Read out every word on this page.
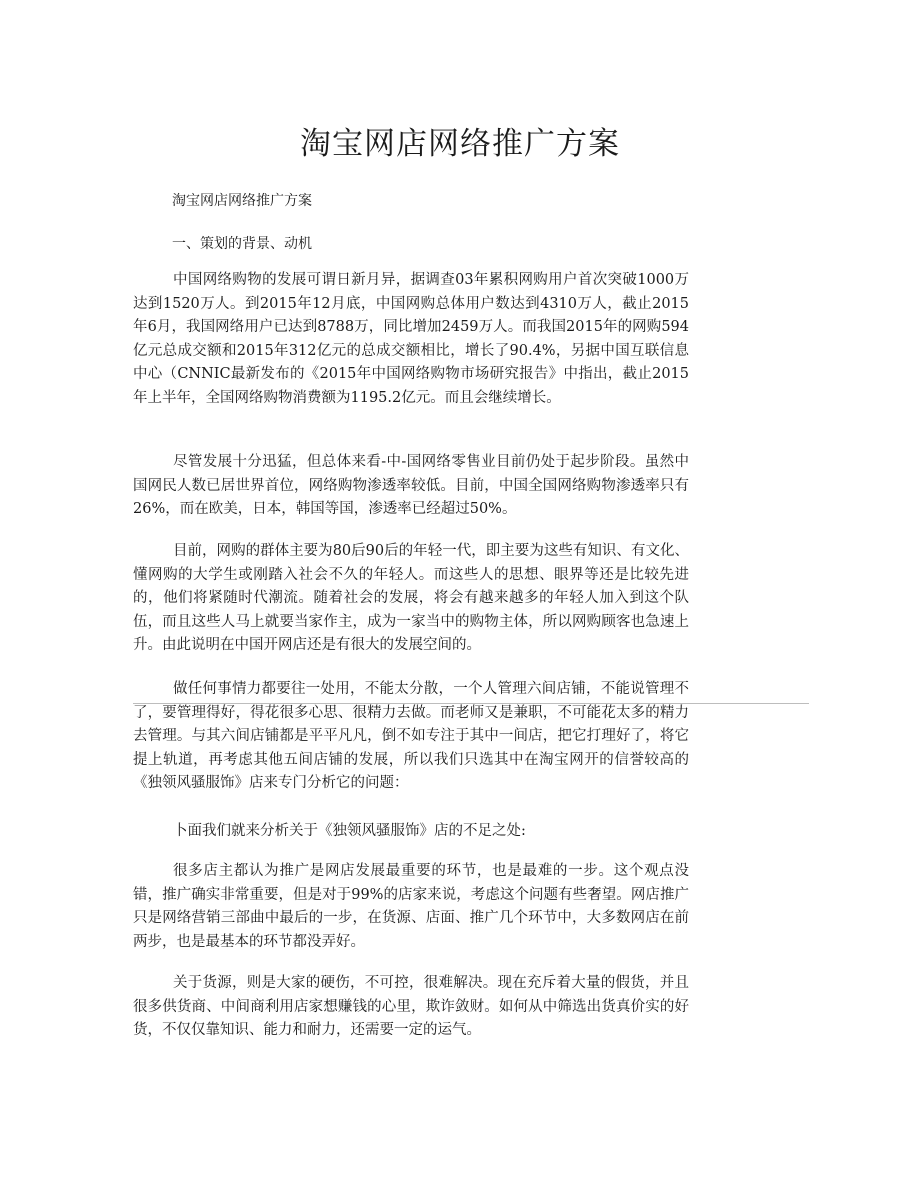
淘宝网店网络推广方案

淘宝网店网络推广方案

一、策划的背景、动机

中国网络购物的发展可谓日新月异，据调查03年累积网购用户首次突破1000万达到1520万人。到2015年12月底，中国网购总体用户数达到4310万人，截止2015年6月，我国网络用户已达到8788万，同比增加2459万人。而我国2015年的网购594亿元总成交额和2015年312亿元的总成交额相比，增长了90.4%，另据中国互联信息中心（CNNIC最新发布的《2015年中国网络购物市场研究报告》中指出，截止2015年上半年，全国网络购物消费额为1195.2亿元。而且会继续增长。

尽管发展十分迅猛，但总体来看-中-国网络零售业目前仍处于起步阶段。虽然中国网民人数已居世界首位，网络购物渗透率较低。目前，中国全国网络购物渗透率只有26%，而在欧美，日本，韩国等国，渗透率已经超过50%。

目前，网购的群体主要为80后90后的年轻一代，即主要为这些有知识、有文化、懂网购的大学生或刚踏入社会不久的年轻人。而这些人的思想、眼界等还是比较先进的，他们将紧随时代潮流。随着社会的发展，将会有越来越多的年轻人加入到这个队伍，而且这些人马上就要当家作主，成为一家当中的购物主体，所以网购顾客也急速上升。由此说明在中国开网店还是有很大的发展空间的。

做任何事情力都要往一处用，不能太分散，一个人管理六间店铺，不能说管理不了，要管理得好，得花很多心思、很精力去做。而老师又是兼职，不可能花太多的精力去管理。与其六间店铺都是平平凡凡，倒不如专注于其中一间店，把它打理好了，将它提上轨道，再考虑其他五间店铺的发展，所以我们只选其中在淘宝网开的信誉较高的《独领风骚服饰》店来专门分析它的问题：

卜面我们就来分析关于《独领风骚服饰》店的不足之处:

很多店主都认为推广是网店发展最重要的环节，也是最难的一步。这个观点没错，推广确实非常重要，但是对于99%的店家来说，考虑这个问题有些奢望。网店推广只是网络营销三部曲中最后的一步，在货源、店面、推广几个环节中，大多数网店在前两步，也是最基本的环节都没弄好。

关于货源，则是大家的硬伤，不可控，很难解决。现在充斥着大量的假货，并且很多供货商、中间商利用店家想赚钱的心里，欺诈敛财。如何从中筛选出货真价实的好货，不仅仅靠知识、能力和耐力，还需要一定的运气。
